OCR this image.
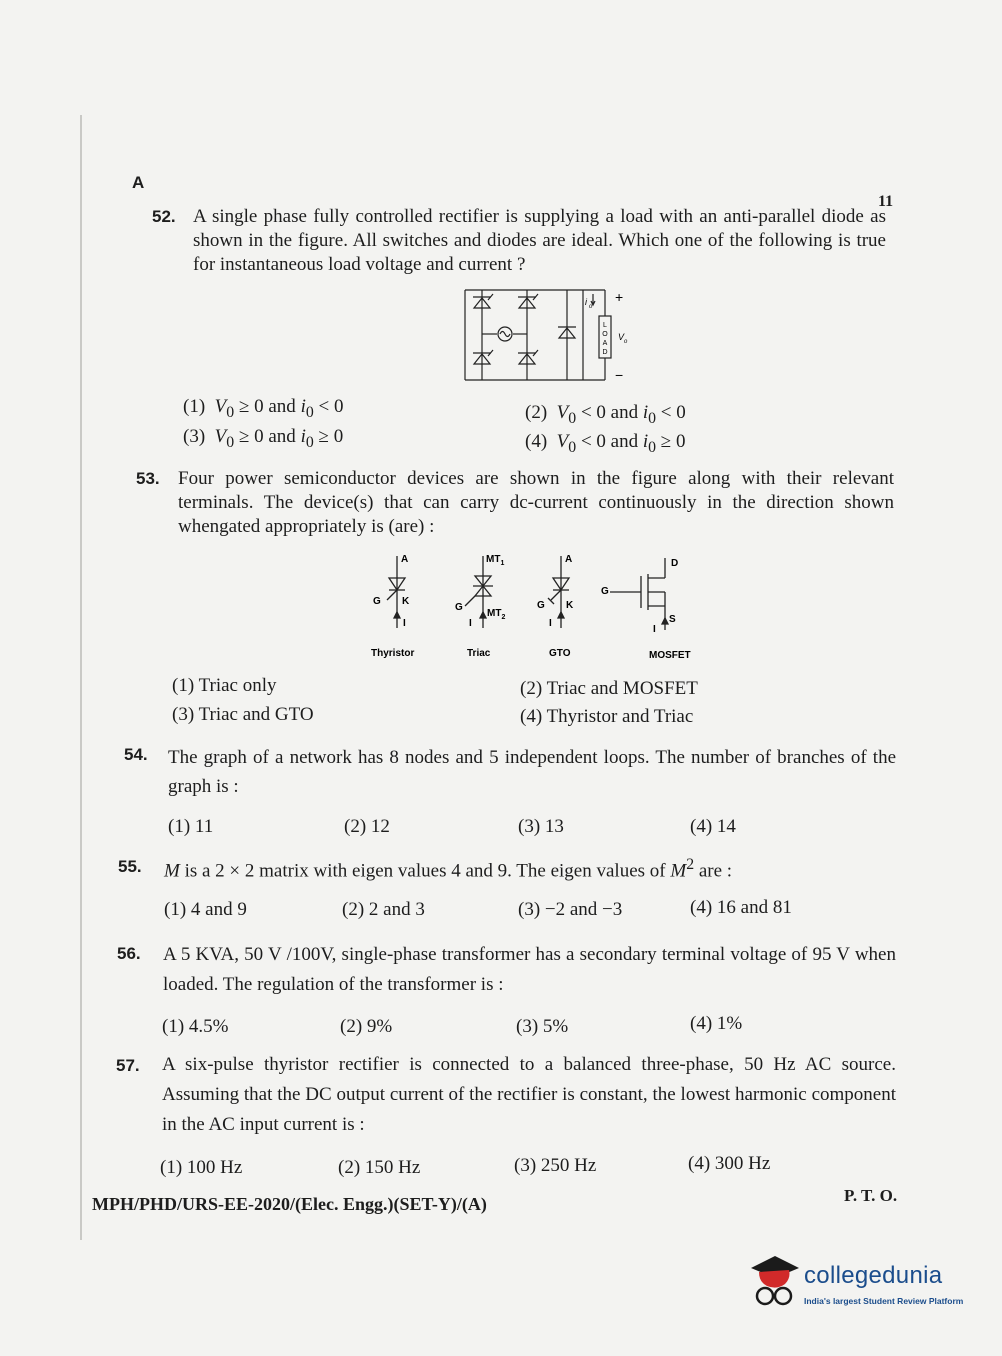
A
11
52. A single phase fully controlled rectifier is supplying a load with an anti-parallel diode as shown in the figure. All switches and diodes are ideal. Which one of the following is true for instantaneous load voltage and current ?
i o
+
−
V o
L
O
A
D
(1) $V_0 \ge 0$ and $i_0 < 0$	(2) $V_0 < 0$ and $i_0 < 0$
(3) $V_0 \ge 0$ and $i_0 \ge 0$	(4) $V_0 < 0$ and $i_0 \ge 0$
53. Four power semiconductor devices are shown in the figure along with their relevant terminals. The device(s) that can carry dc-current continuously in the direction shown whengated appropriately is (are) :
A
G K
I
Thyristor
$MT_1$
G
$MT_2$
I
Triac
A
G K
I
GTO
D
G
S
I
MOSFET
(1) Triac only	(2) Triac and MOSFET
(3) Triac and GTO	(4) Thyristor and Triac
54. The graph of a network has 8 nodes and 5 independent loops. The number of branches of the graph is :
(1) 11	(2) 12	(3) 13	(4) 14
55. M is a 2 × 2 matrix with eigen values 4 and 9. The eigen values of $M^2$ are :
(1) 4 and 9	(2) 2 and 3	(3) −2 and −3	(4) 16 and 81
56. A 5 KVA, 50 V /100V, single-phase transformer has a secondary terminal voltage of 95 V when loaded. The regulation of the transformer is :
(1) 4.5%	(2) 9%	(3) 5%	(4) 1%
57. A six-pulse thyristor rectifier is connected to a balanced three-phase, 50 Hz AC source. Assuming that the DC output current of the rectifier is constant, the lowest harmonic component in the AC input current is :
(1) 100 Hz	(2) 150 Hz	(3) 250 Hz	(4) 300 Hz
MPH/PHD/URS-EE-2020/(Elec. Engg.)(SET-Y)/(A)	P. T. O.
collegedunia
India's largest Student Review Platform
